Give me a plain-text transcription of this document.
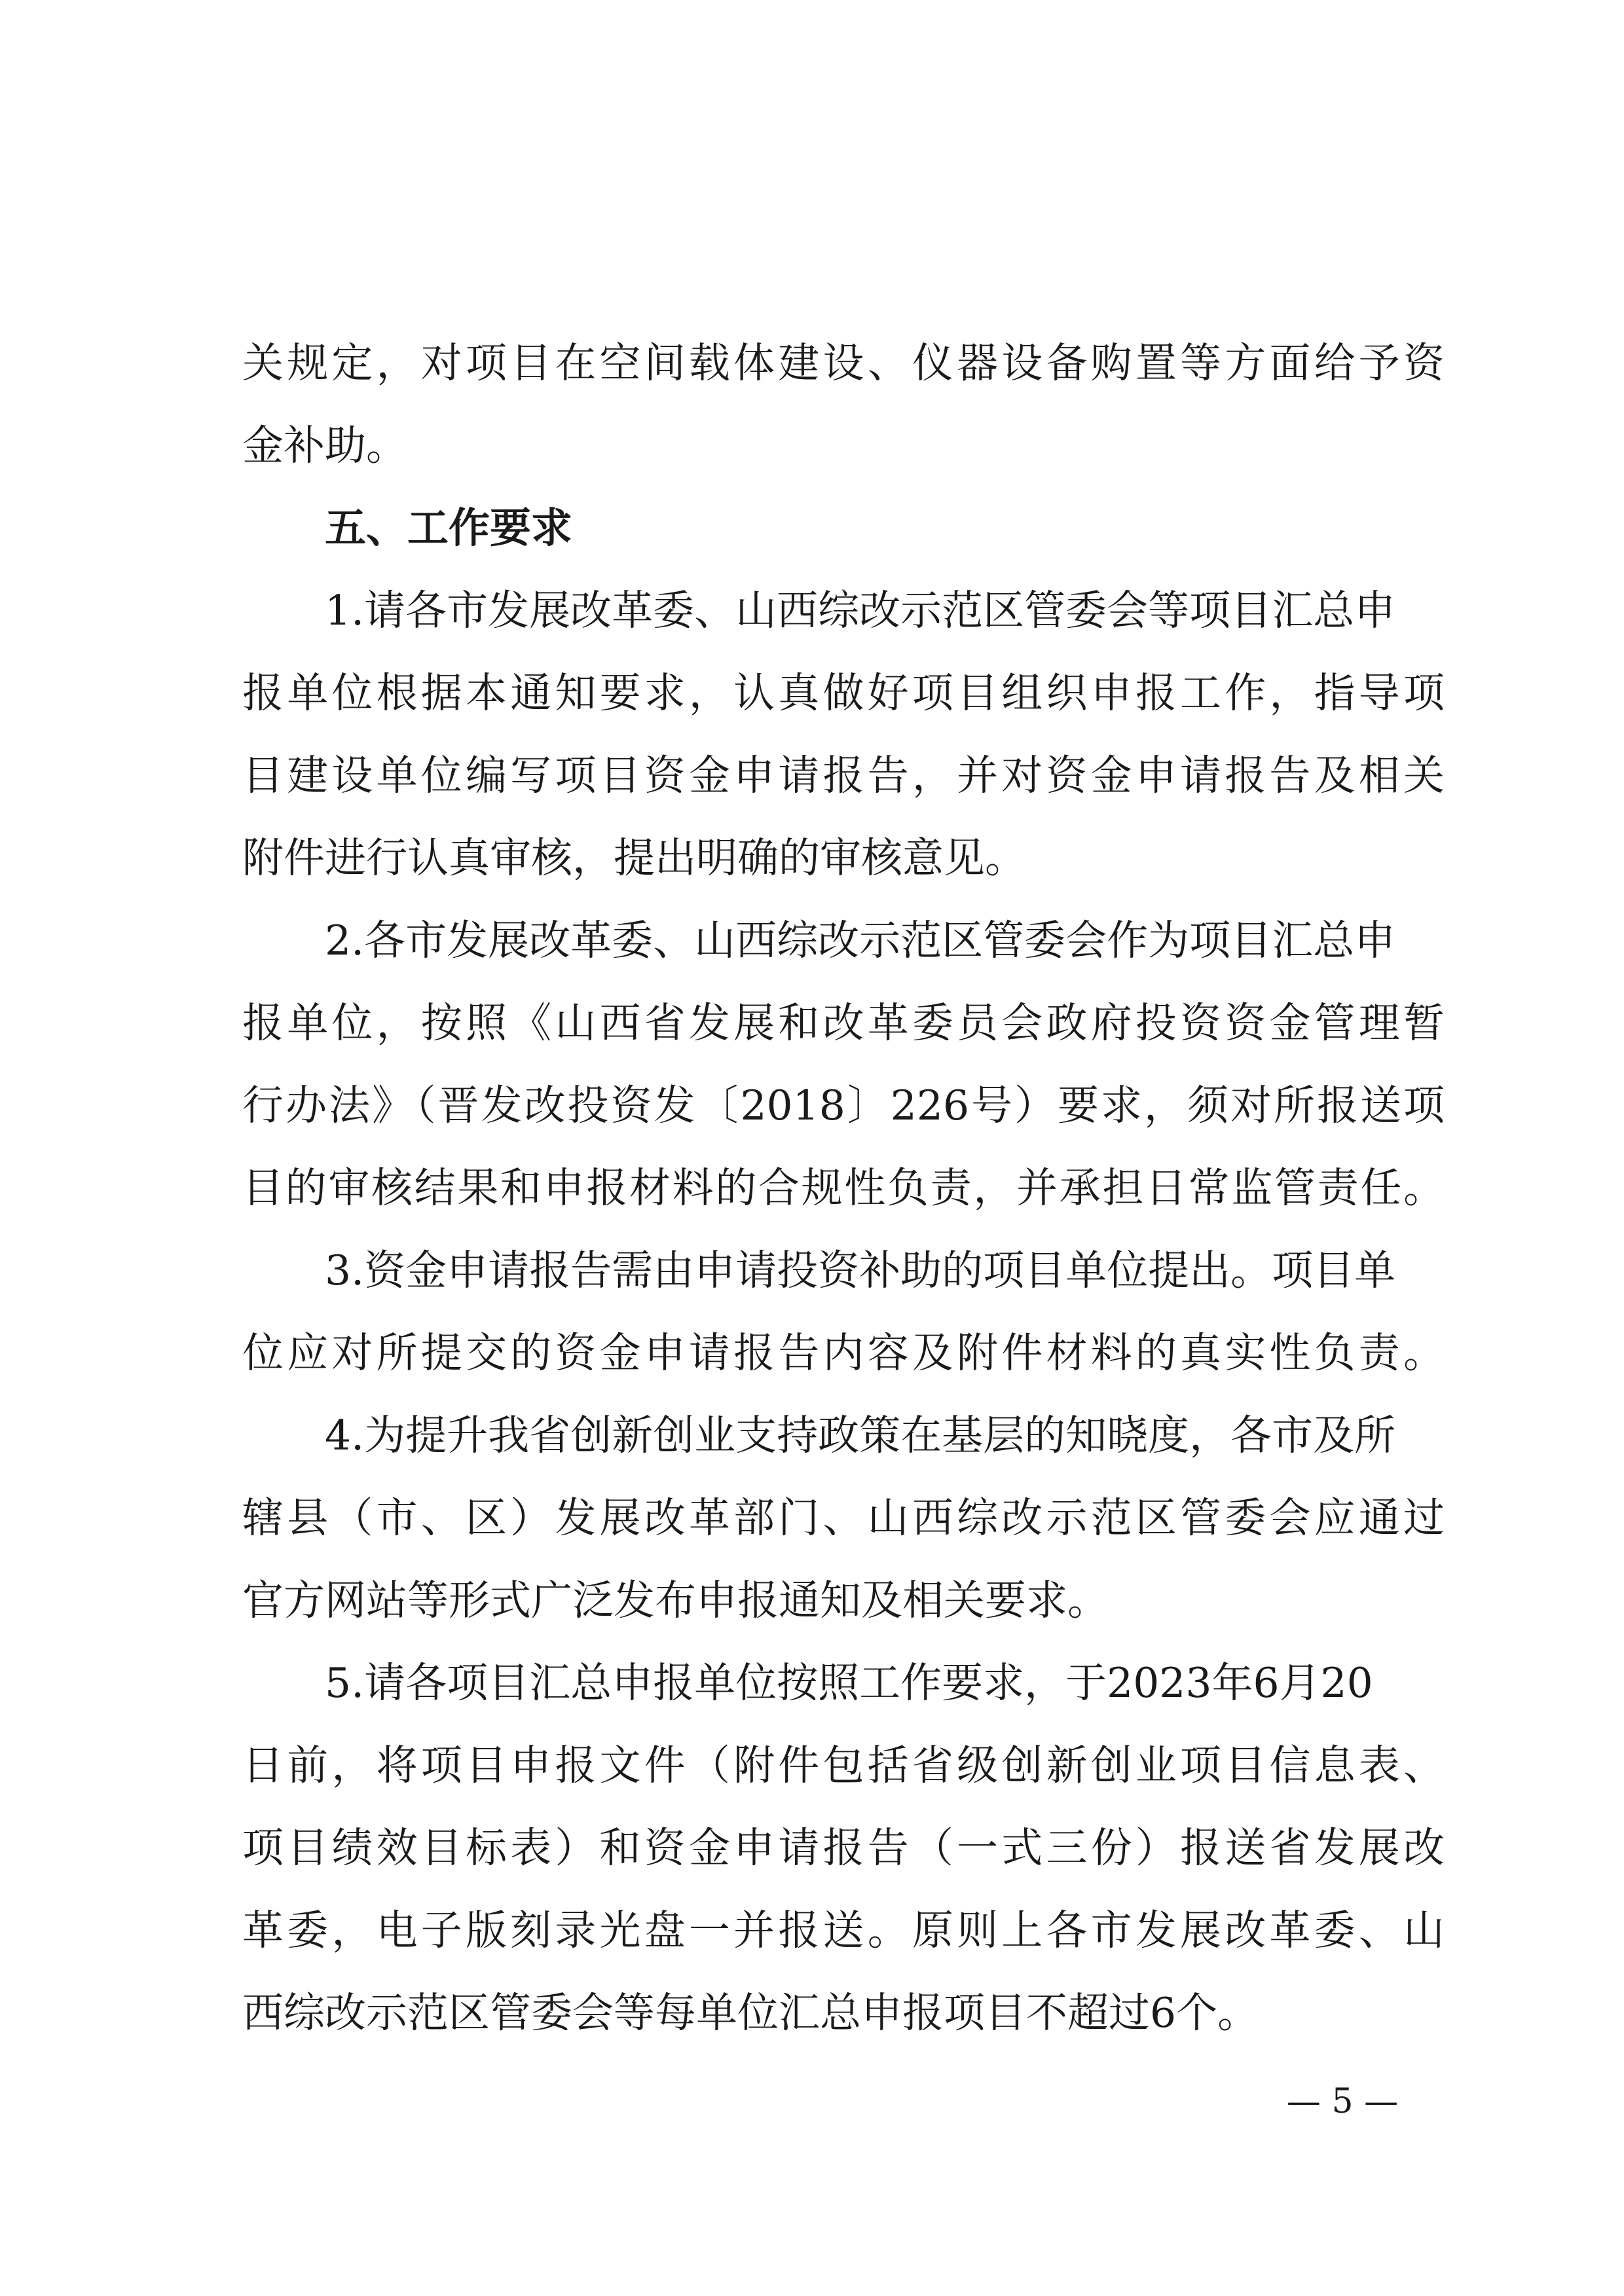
关规定，对项目在空间载体建设、仪器设备购置等方面给予资
金补助。
五、工作要求
1.请各市发展改革委、山西综改示范区管委会等项目汇总申
报单位根据本通知要求，认真做好项目组织申报工作，指导项
目建设单位编写项目资金申请报告，并对资金申请报告及相关
附件进行认真审核，提出明确的审核意见。
2.各市发展改革委、山西综改示范区管委会作为项目汇总申
报单位，按照《山西省发展和改革委员会政府投资资金管理暂
行办法》（晋发改投资发〔2018〕226号）要求，须对所报送项
目的审核结果和申报材料的合规性负责，并承担日常监管责任。
3.资金申请报告需由申请投资补助的项目单位提出。项目单
位应对所提交的资金申请报告内容及附件材料的真实性负责。
4.为提升我省创新创业支持政策在基层的知晓度，各市及所
辖县（市、区）发展改革部门、山西综改示范区管委会应通过
官方网站等形式广泛发布申报通知及相关要求。
5.请各项目汇总申报单位按照工作要求，于2023年6月20
日前，将项目申报文件（附件包括省级创新创业项目信息表、
项目绩效目标表）和资金申请报告（一式三份）报送省发展改
革委，电子版刻录光盘一并报送。原则上各市发展改革委、山
西综改示范区管委会等每单位汇总申报项目不超过6个。
— 5 —
